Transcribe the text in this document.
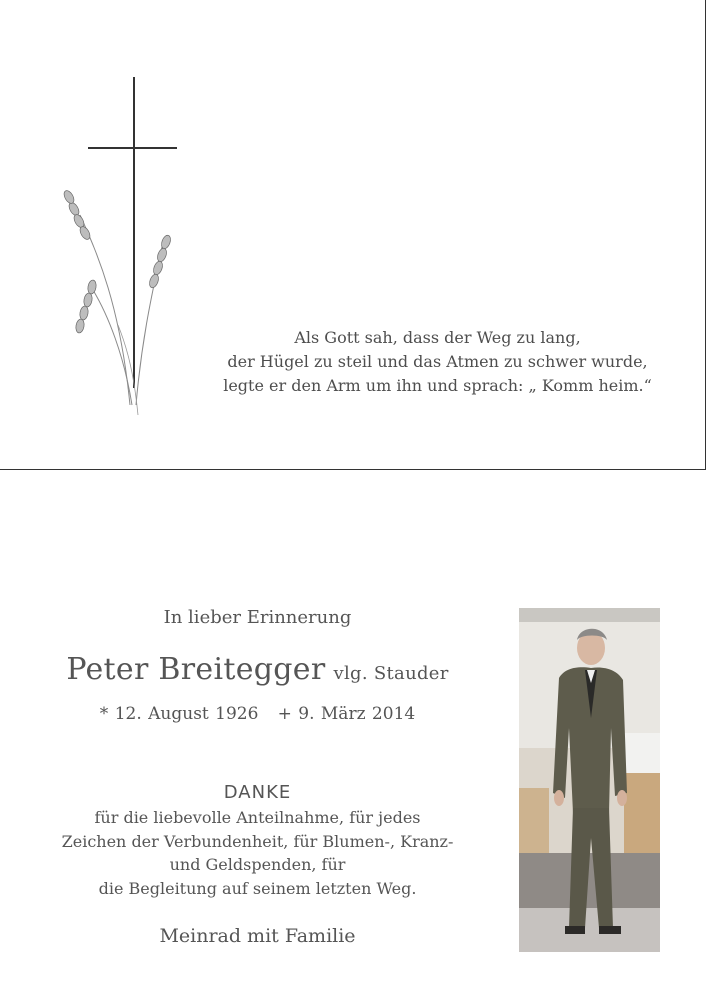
Als Gott sah, dass der Weg zu lang,
der Hügel zu steil und das Atmen zu schwer wurde,
legte er den Arm um ihn und sprach: „ Komm heim.“
In lieber Erinnerung
Peter Breitegger vlg. Stauder
* 12. August 1926   + 9. März 2014
DANKE
für die liebevolle Anteilnahme, für jedes
Zeichen der Verbundenheit, für Blumen-, Kranz-
und Geldspenden, für
die Begleitung auf seinem letzten Weg.
Meinrad mit Familie
